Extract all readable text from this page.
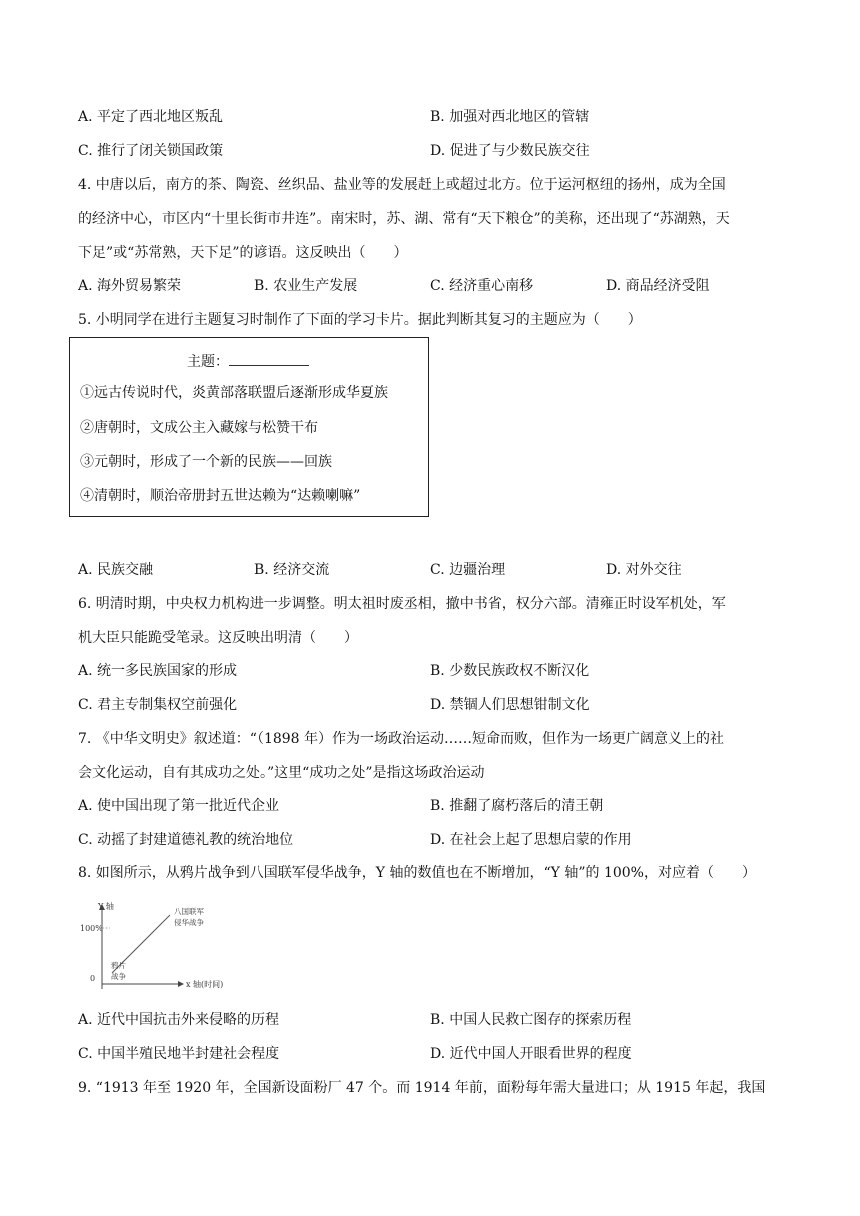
A. 平定了西北地区叛乱	B. 加强对西北地区的管辖
C. 推行了闭关锁国政策	D. 促进了与少数民族交往
4. 中唐以后，南方的茶、陶瓷、丝织品、盐业等的发展赶上或超过北方。位于运河枢纽的扬州，成为全国
的经济中心，市区内“十里长街市井连”。南宋时，苏、湖、常有“天下粮仓”的美称，还出现了“苏湖熟，天
下足”或“苏常熟，天下足”的谚语。这反映出（　　）
A. 海外贸易繁荣	B. 农业生产发展	C. 经济重心南移	D. 商品经济受阻
5. 小明同学在进行主题复习时制作了下面的学习卡片。据此判断其复习的主题应为（　　）
主题：
①远古传说时代，炎黄部落联盟后逐渐形成华夏族
②唐朝时，文成公主入藏嫁与松赞干布
③元朝时，形成了一个新的民族——回族
④清朝时，顺治帝册封五世达赖为“达赖喇嘛”
A. 民族交融	B. 经济交流	C. 边疆治理	D. 对外交往
6. 明清时期，中央权力机构进一步调整。明太祖时废丞相，撤中书省，权分六部。清雍正时设军机处，军
机大臣只能跪受笔录。这反映出明清（　　）
A. 统一多民族国家的形成	B. 少数民族政权不断汉化
C. 君主专制集权空前强化	D. 禁锢人们思想钳制文化
7. 《中华文明史》叙述道：“（1898 年）作为一场政治运动……短命而败，但作为一场更广阔意义上的社
会文化运动，自有其成功之处。”这里“成功之处”是指这场政治运动
A. 使中国出现了第一批近代企业	B. 推翻了腐朽落后的清王朝
C. 动摇了封建道德礼教的统治地位	D. 在社会上起了思想启蒙的作用
8. 如图所示，从鸦片战争到八国联军侵华战争，Y 轴的数值也在不断增加，“Y 轴”的 100%，对应着（　　）
Y 轴
x 轴(时间)
100%
0
八国联军
侵华战争
鸦片
战争
A. 近代中国抗击外来侵略的历程	B. 中国人民救亡图存的探索历程
C. 中国半殖民地半封建社会程度	D. 近代中国人开眼看世界的程度
9. “1913 年至 1920 年，全国新设面粉厂 47 个。而 1914 年前，面粉每年需大量进口；从 1915 年起，我国
